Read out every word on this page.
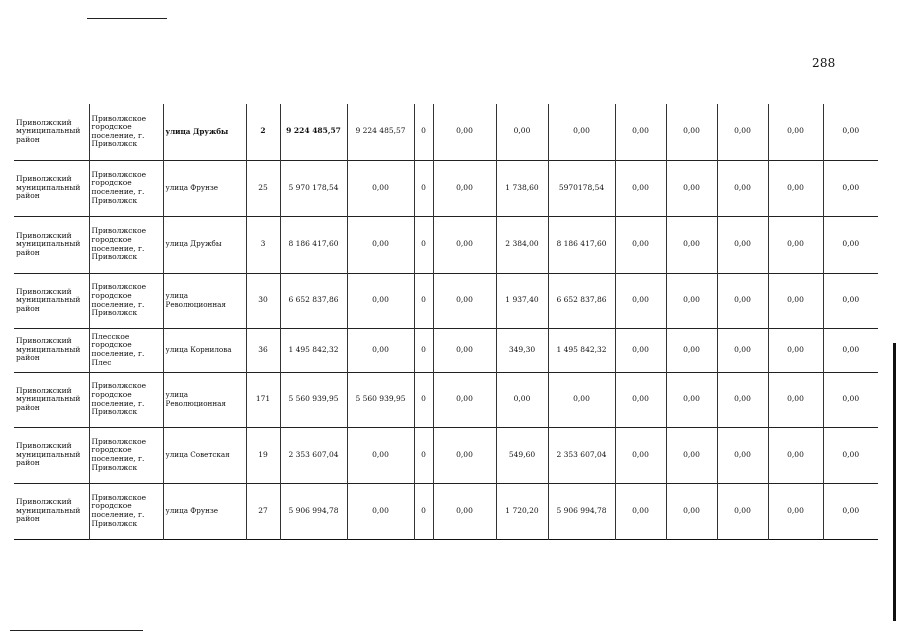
288
Приволжский муниципальный район	Приволжское городское поселение, г. Приволжск	улица Дружбы	2	9 224 485,57	9 224 485,57	0	0,00	0,00	0,00	0,00	0,00	0,00	0,00	0,00
Приволжский муниципальный район	Приволжское городское поселение, г. Приволжск	улица Фрунзе	25	5 970 178,54	0,00	0	0,00	1 738,60	5970178,54	0,00	0,00	0,00	0,00	0,00
Приволжский муниципальный район	Приволжское городское поселение, г. Приволжск	улица Дружбы	3	8 186 417,60	0,00	0	0,00	2 384,00	8 186 417,60	0,00	0,00	0,00	0,00	0,00
Приволжский муниципальный район	Приволжское городское поселение, г. Приволжск	улица Революционная	30	6 652 837,86	0,00	0	0,00	1 937,40	6 652 837,86	0,00	0,00	0,00	0,00	0,00
Приволжский муниципальный район	Плесское городское поселение, г. Плес	улица Корнилова	36	1 495 842,32	0,00	0	0,00	349,30	1 495 842,32	0,00	0,00	0,00	0,00	0,00
Приволжский муниципальный район	Приволжское городское поселение, г. Приволжск	улица Революционная	171	5 560 939,95	5 560 939,95	0	0,00	0,00	0,00	0,00	0,00	0,00	0,00	0,00
Приволжский муниципальный район	Приволжское городское поселение, г. Приволжск	улица Советская	19	2 353 607,04	0,00	0	0,00	549,60	2 353 607,04	0,00	0,00	0,00	0,00	0,00
Приволжский муниципальный район	Приволжское городское поселение, г. Приволжск	улица Фрунзе	27	5 906 994,78	0,00	0	0,00	1 720,20	5 906 994,78	0,00	0,00	0,00	0,00	0,00
